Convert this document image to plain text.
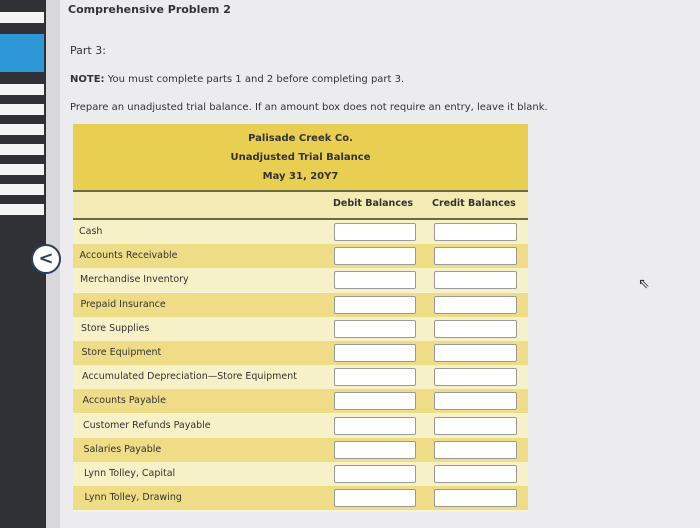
Comprehensive Problem 2
Part 3:
NOTE: You must complete parts 1 and 2 before completing part 3.
Prepare an unadjusted trial balance. If an amount box does not require an entry, leave it blank.
<
Palisade Creek Co.
Unadjusted Trial Balance
May 31, 20Y7
Cash
Accounts Receivable
Merchandise Inventory
Prepaid Insurance
Store Supplies
Store Equipment
Accumulated Depreciation—Store Equipment
Accounts Payable
Customer Refunds Payable
Salaries Payable
Lynn Tolley, Capital
Lynn Tolley, Drawing
Debit Balances Credit Balances
⇖
